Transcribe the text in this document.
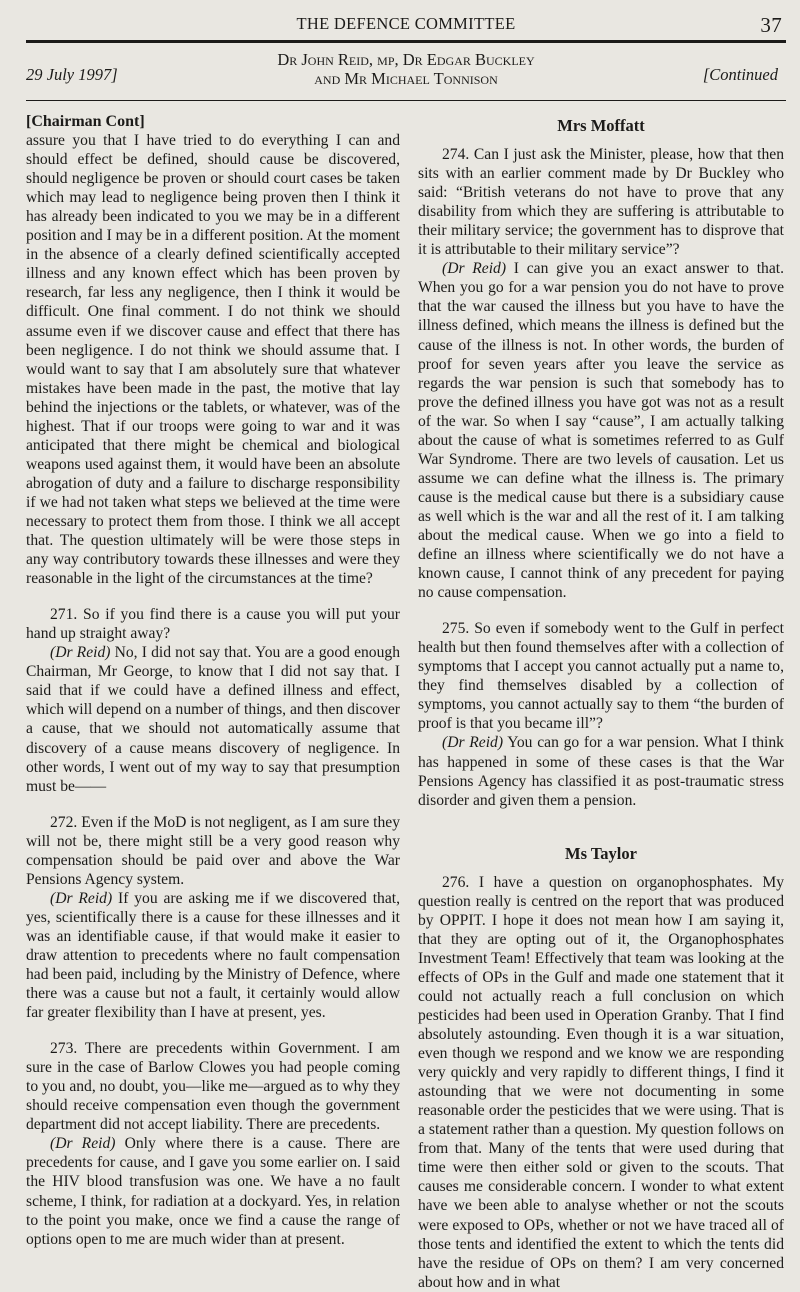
THE DEFENCE COMMITTEE	37
29 July 1997]
Dr John Reid, mp, Dr Edgar Buckley
and Mr Michael Tonnison	[Continued
[Chairman Cont]

assure you that I have tried to do everything I can and should effect be defined, should cause be discovered, should negligence be proven or should court cases be taken which may lead to negligence being proven then I think it has already been indicated to you we may be in a different position and I may be in a different position. At the moment in the absence of a clearly defined scientifically accepted illness and any known effect which has been proven by research, far less any negligence, then I think it would be difficult. One final comment. I do not think we should assume even if we discover cause and effect that there has been negligence. I do not think we should assume that. I would want to say that I am absolutely sure that whatever mistakes have been made in the past, the motive that lay behind the injections or the tablets, or whatever, was of the highest. That if our troops were going to war and it was anticipated that there might be chemical and biological weapons used against them, it would have been an absolute abrogation of duty and a failure to discharge responsibility if we had not taken what steps we believed at the time were necessary to protect them from those. I think we all accept that. The question ultimately will be were those steps in any way contributory towards these illnesses and were they reasonable in the light of the circumstances at the time?

271. So if you find there is a cause you will put your hand up straight away?

(Dr Reid) No, I did not say that. You are a good enough Chairman, Mr George, to know that I did not say that. I said that if we could have a defined illness and effect, which will depend on a number of things, and then discover a cause, that we should not automatically assume that discovery of a cause means discovery of negligence. In other words, I went out of my way to say that presumption must be——

272. Even if the MoD is not negligent, as I am sure they will not be, there might still be a very good reason why compensation should be paid over and above the War Pensions Agency system.

(Dr Reid) If you are asking me if we discovered that, yes, scientifically there is a cause for these illnesses and it was an identifiable cause, if that would make it easier to draw attention to precedents where no fault compensation had been paid, including by the Ministry of Defence, where there was a cause but not a fault, it certainly would allow far greater flexibility than I have at present, yes.

273. There are precedents within Government. I am sure in the case of Barlow Clowes you had people coming to you and, no doubt, you—like me—argued as to why they should receive compensation even though the government department did not accept liability. There are precedents.

(Dr Reid) Only where there is a cause. There are precedents for cause, and I gave you some earlier on. I said the HIV blood transfusion was one. We have a no fault scheme, I think, for radiation at a dockyard. Yes, in relation to the point you make, once we find a cause the range of options open to me are much wider than at present.

Mrs Moffatt

274. Can I just ask the Minister, please, how that then sits with an earlier comment made by Dr Buckley who said: “British veterans do not have to prove that any disability from which they are suffering is attributable to their military service; the government has to disprove that it is attributable to their military service”?

(Dr Reid) I can give you an exact answer to that. When you go for a war pension you do not have to prove that the war caused the illness but you have to have the illness defined, which means the illness is defined but the cause of the illness is not. In other words, the burden of proof for seven years after you leave the service as regards the war pension is such that somebody has to prove the defined illness you have got was not as a result of the war. So when I say “cause”, I am actually talking about the cause of what is sometimes referred to as Gulf War Syndrome. There are two levels of causation. Let us assume we can define what the illness is. The primary cause is the medical cause but there is a subsidiary cause as well which is the war and all the rest of it. I am talking about the medical cause. When we go into a field to define an illness where scientifically we do not have a known cause, I cannot think of any precedent for paying no cause compensation.

275. So even if somebody went to the Gulf in perfect health but then found themselves after with a collection of symptoms that I accept you cannot actually put a name to, they find themselves disabled by a collection of symptoms, you cannot actually say to them “the burden of proof is that you became ill”?

(Dr Reid) You can go for a war pension. What I think has happened in some of these cases is that the War Pensions Agency has classified it as post-traumatic stress disorder and given them a pension.

Ms Taylor

276. I have a question on organophosphates. My question really is centred on the report that was produced by OPPIT. I hope it does not mean how I am saying it, that they are opting out of it, the Organophosphates Investment Team! Effectively that team was looking at the effects of OPs in the Gulf and made one statement that it could not actually reach a full conclusion on which pesticides had been used in Operation Granby. That I find absolutely astounding. Even though it is a war situation, even though we respond and we know we are responding very quickly and very rapidly to different things, I find it astounding that we were not documenting in some reasonable order the pesticides that we were using. That is a statement rather than a question. My question follows on from that. Many of the tents that were used during that time were then either sold or given to the scouts. That causes me considerable concern. I wonder to what extent have we been able to analyse whether or not the scouts were exposed to OPs, whether or not we have traced all of those tents and identified the extent to which the tents did have the residue of OPs on them? I am very concerned about how and in what
